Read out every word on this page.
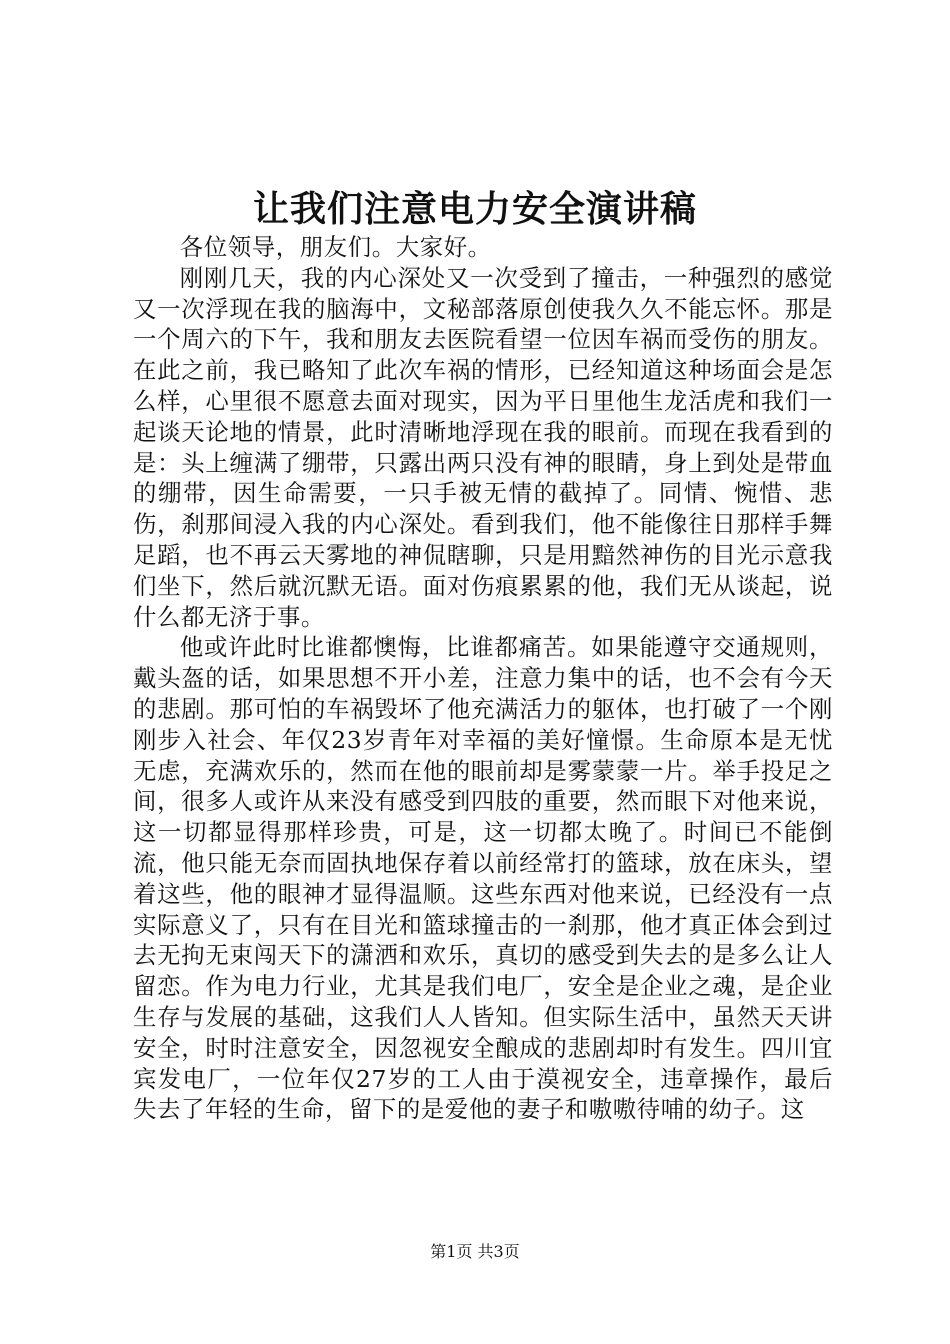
让我们注意电力安全演讲稿

各位领导，朋友们。大家好。

刚刚几天，我的内心深处又一次受到了撞击，一种强烈的感觉又一次浮现在我的脑海中，文秘部落原创使我久久不能忘怀。那是一个周六的下午，我和朋友去医院看望一位因车祸而受伤的朋友。在此之前，我已略知了此次车祸的情形，已经知道这种场面会是怎么样，心里很不愿意去面对现实，因为平日里他生龙活虎和我们一起谈天论地的情景，此时清晰地浮现在我的眼前。而现在我看到的是：头上缠满了绷带，只露出两只没有神的眼睛，身上到处是带血的绷带，因生命需要，一只手被无情的截掉了。同情、惋惜、悲伤，刹那间浸入我的内心深处。看到我们，他不能像往日那样手舞足蹈，也不再云天雾地的神侃瞎聊，只是用黯然神伤的目光示意我们坐下，然后就沉默无语。面对伤痕累累的他，我们无从谈起，说什么都无济于事。

他或许此时比谁都懊悔，比谁都痛苦。如果能遵守交通规则，戴头盔的话，如果思想不开小差，注意力集中的话，也不会有今天的悲剧。那可怕的车祸毁坏了他充满活力的躯体，也打破了一个刚刚步入社会、年仅23岁青年对幸福的美好憧憬。生命原本是无忧无虑，充满欢乐的，然而在他的眼前却是雾蒙蒙一片。举手投足之间，很多人或许从来没有感受到四肢的重要，然而眼下对他来说，这一切都显得那样珍贵，可是，这一切都太晚了。时间已不能倒流，他只能无奈而固执地保存着以前经常打的篮球，放在床头，望着这些，他的眼神才显得温顺。这些东西对他来说，已经没有一点实际意义了，只有在目光和篮球撞击的一刹那，他才真正体会到过去无拘无束闯天下的潇洒和欢乐，真切的感受到失去的是多么让人留恋。作为电力行业，尤其是我们电厂，安全是企业之魂，是企业生存与发展的基础，这我们人人皆知。但实际生活中，虽然天天讲安全，时时注意安全，因忽视安全酿成的悲剧却时有发生。四川宜宾发电厂，一位年仅27岁的工人由于漠视安全，违章操作，最后失去了年轻的生命，留下的是爱他的妻子和嗷嗷待哺的幼子。这

第1页 共3页
